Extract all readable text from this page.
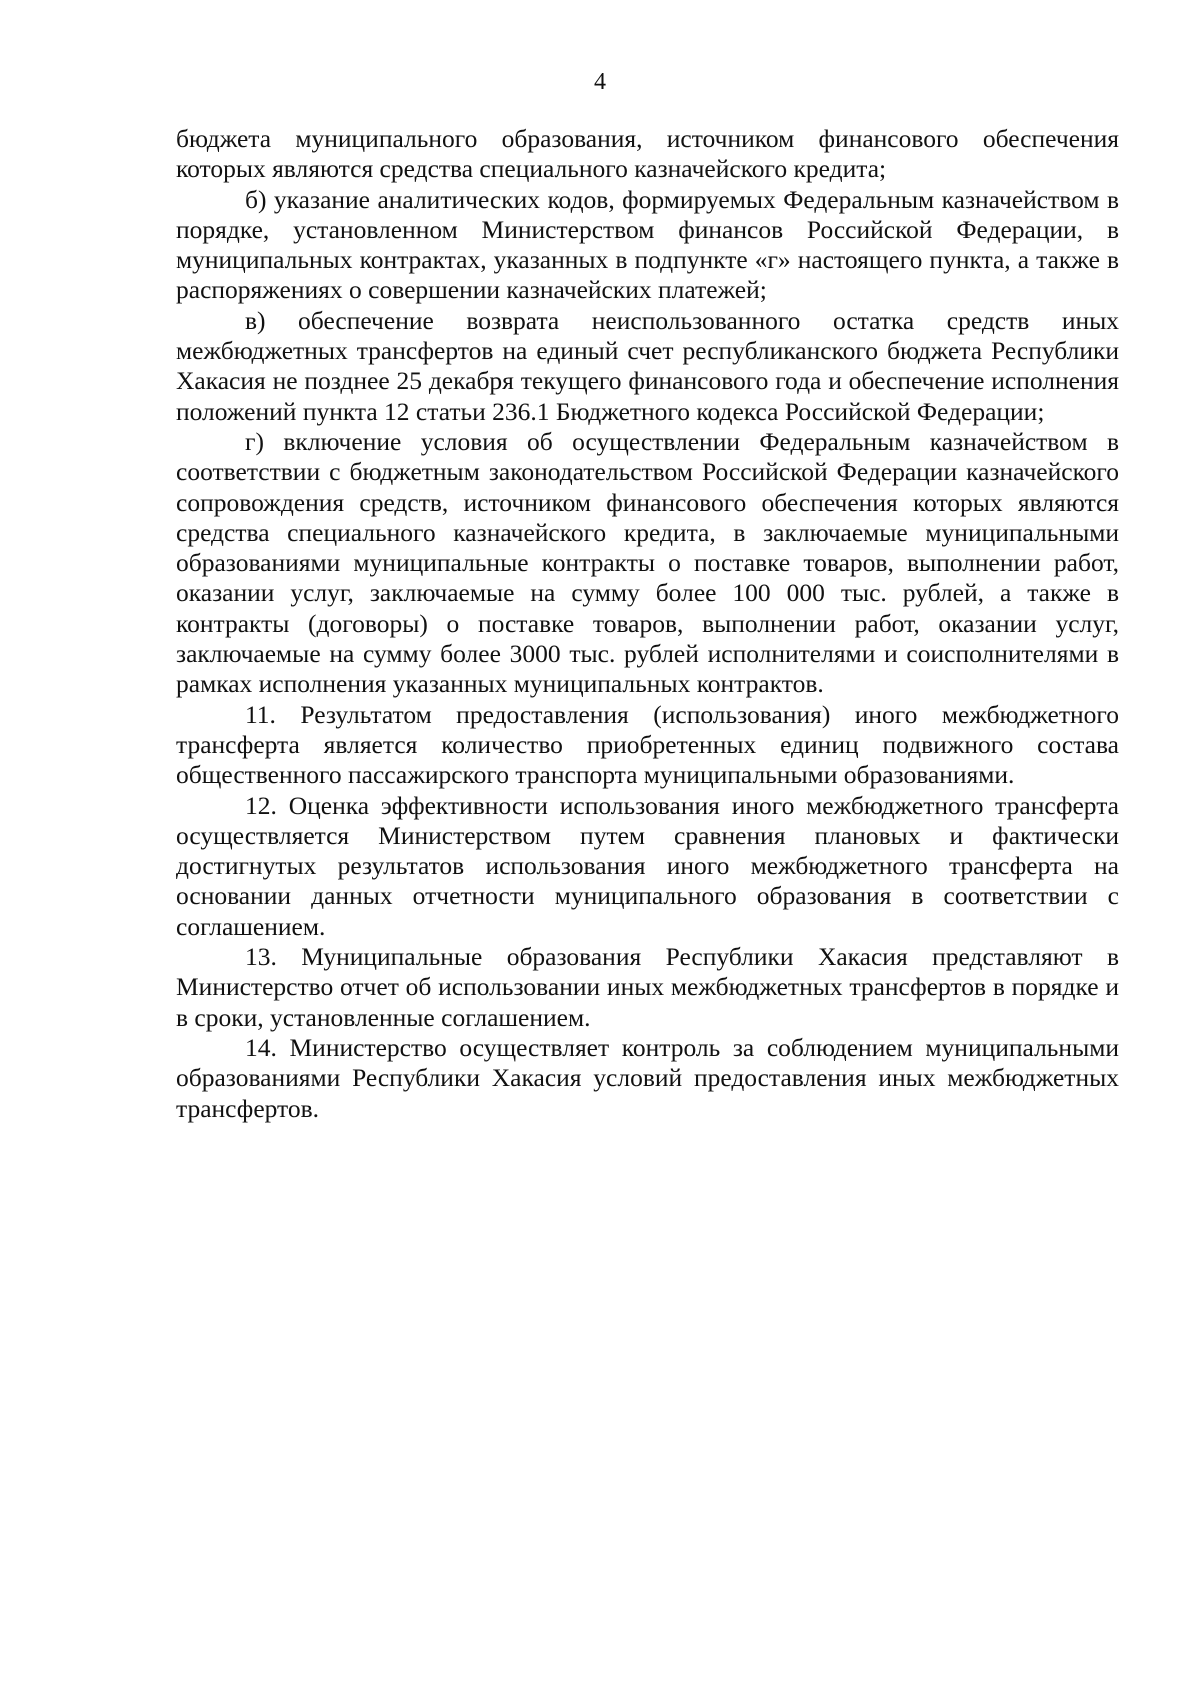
4

бюджета муниципального образования, источником финансового обеспечения которых являются средства специального казначейского кредита;

б) указание аналитических кодов, формируемых Федеральным казначейством в порядке, установленном Министерством финансов Российской Федерации, в муниципальных контрактах, указанных в подпункте «г» настоящего пункта, а также в распоряжениях о совершении казначейских платежей;

в) обеспечение возврата неиспользованного остатка средств иных межбюджетных трансфертов на единый счет республиканского бюджета Республики Хакасия не позднее 25 декабря текущего финансового года и обеспечение исполнения положений пункта 12 статьи 236.1 Бюджетного кодекса Российской Федерации;

г) включение условия об осуществлении Федеральным казначейством в соответствии с бюджетным законодательством Российской Федерации казначейского сопровождения средств, источником финансового обеспечения которых являются средства специального казначейского кредита, в заключаемые муниципальными образованиями муниципальные контракты о поставке товаров, выполнении работ, оказании услуг, заключаемые на сумму более 100 000 тыс. рублей, а также в контракты (договоры) о поставке товаров, выполнении работ, оказании услуг, заключаемые на сумму более 3000 тыс. рублей исполнителями и соисполнителями в рамках исполнения указанных муниципальных контрактов.

11. Результатом предоставления (использования) иного межбюджетного трансферта является количество приобретенных единиц подвижного состава общественного пассажирского транспорта муниципальными образованиями.

12. Оценка эффективности использования иного межбюджетного трансферта осуществляется Министерством путем сравнения плановых и фактически достигнутых результатов использования иного межбюджетного трансферта на основании данных отчетности муниципального образования в соответствии с соглашением.

13. Муниципальные образования Республики Хакасия представляют в Министерство отчет об использовании иных межбюджетных трансфертов в порядке и в сроки, установленные соглашением.

14. Министерство осуществляет контроль за соблюдением муниципальными образованиями Республики Хакасия условий предоставления иных межбюджетных трансфертов.
